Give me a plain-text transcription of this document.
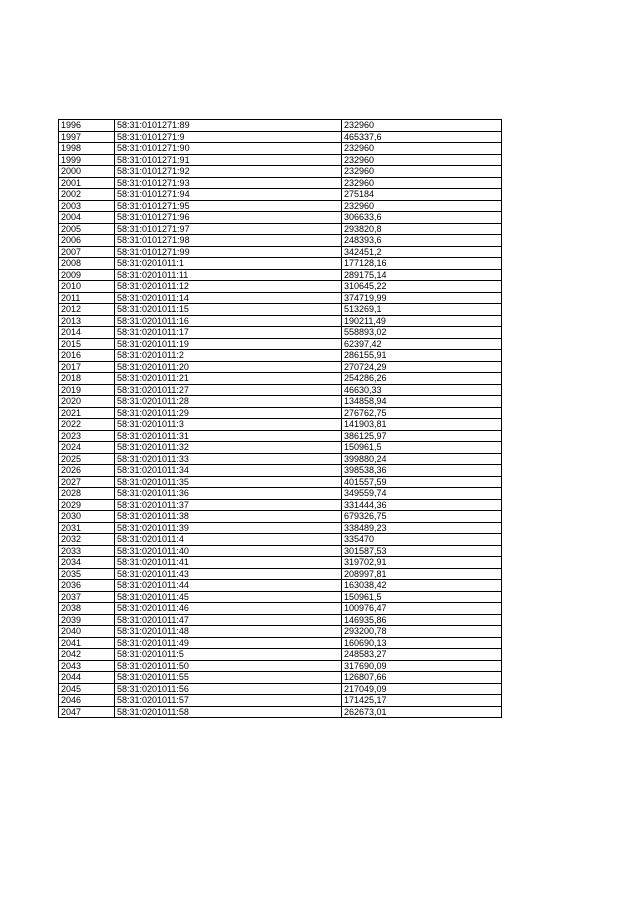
1996	58:31:0101271:89	232960
1997	58:31:0101271:9	465337,6
1998	58:31:0101271:90	232960
1999	58:31:0101271:91	232960
2000	58:31:0101271:92	232960
2001	58:31:0101271:93	232960
2002	58:31:0101271:94	275184
2003	58:31:0101271:95	232960
2004	58:31:0101271:96	306633,6
2005	58:31:0101271:97	293820,8
2006	58:31:0101271:98	248393,6
2007	58:31:0101271:99	342451,2
2008	58:31:0201011:1	177128,16
2009	58:31:0201011:11	289175,14
2010	58:31:0201011:12	310645,22
2011	58:31:0201011:14	374719,99
2012	58:31:0201011:15	513269,1
2013	58:31:0201011:16	190211,49
2014	58:31:0201011:17	558893,02
2015	58:31:0201011:19	62397,42
2016	58:31:0201011:2	286155,91
2017	58:31:0201011:20	270724,29
2018	58:31:0201011:21	254286,26
2019	58:31:0201011:27	46630,33
2020	58:31:0201011:28	134858,94
2021	58:31:0201011:29	276762,75
2022	58:31:0201011:3	141903,81
2023	58:31:0201011:31	386125,97
2024	58:31:0201011:32	150961,5
2025	58:31:0201011:33	399880,24
2026	58:31:0201011:34	398538,36
2027	58:31:0201011:35	401557,59
2028	58:31:0201011:36	349559,74
2029	58:31:0201011:37	331444,36
2030	58:31:0201011:38	679326,75
2031	58:31:0201011:39	338489,23
2032	58:31:0201011:4	335470
2033	58:31:0201011:40	301587,53
2034	58:31:0201011:41	319702,91
2035	58:31:0201011:43	208997,81
2036	58:31:0201011:44	163038,42
2037	58:31:0201011:45	150961,5
2038	58:31:0201011:46	100976,47
2039	58:31:0201011:47	146935,86
2040	58:31:0201011:48	293200,78
2041	58:31:0201011:49	160690,13
2042	58:31:0201011:5	248583,27
2043	58:31:0201011:50	317690,09
2044	58:31:0201011:55	126807,66
2045	58:31:0201011:56	217049,09
2046	58:31:0201011:57	171425,17
2047	58:31:0201011:58	262673,01
